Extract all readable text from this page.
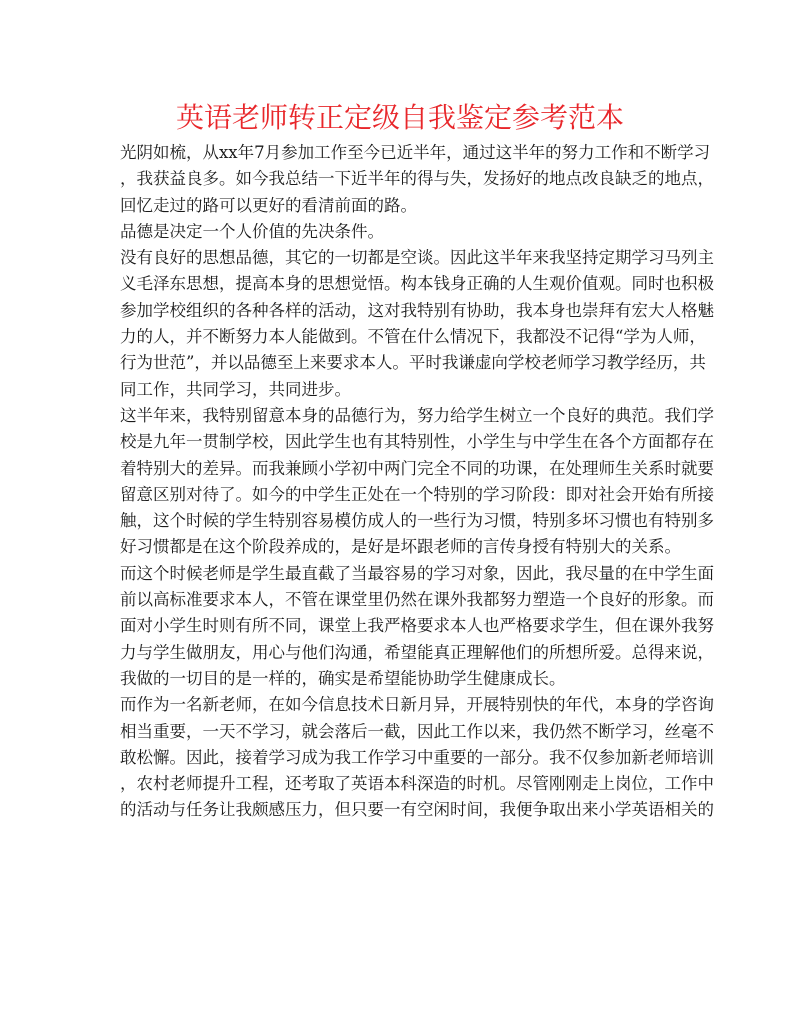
英语老师转正定级自我鉴定参考范本
光阴如梳，从xx年7月参加工作至今已近半年，通过这半年的努力工作和不断学习
，我获益良多。如今我总结一下近半年的得与失，发扬好的地点改良缺乏的地点，
回忆走过的路可以更好的看清前面的路。
品德是决定一个人价值的先决条件。
没有良好的思想品德，其它的一切都是空谈。因此这半年来我坚持定期学习马列主
义毛泽东思想，提高本身的思想觉悟。构本钱身正确的人生观价值观。同时也积极
参加学校组织的各种各样的活动，这对我特别有协助，我本身也崇拜有宏大人格魅
力的人，并不断努力本人能做到。不管在什么情况下，我都没不记得“学为人师，
行为世范”，并以品德至上来要求本人。平时我谦虚向学校老师学习教学经历，共
同工作，共同学习，共同进步。
这半年来，我特别留意本身的品德行为，努力给学生树立一个良好的典范。我们学
校是九年一贯制学校，因此学生也有其特别性，小学生与中学生在各个方面都存在
着特别大的差异。而我兼顾小学初中两门完全不同的功课，在处理师生关系时就要
留意区别对待了。如今的中学生正处在一个特别的学习阶段：即对社会开始有所接
触，这个时候的学生特别容易模仿成人的一些行为习惯，特别多坏习惯也有特别多
好习惯都是在这个阶段养成的，是好是坏跟老师的言传身授有特别大的关系。
而这个时候老师是学生最直截了当最容易的学习对象，因此，我尽量的在中学生面
前以高标准要求本人，不管在课堂里仍然在课外我都努力塑造一个良好的形象。而
面对小学生时则有所不同，课堂上我严格要求本人也严格要求学生，但在课外我努
力与学生做朋友，用心与他们沟通，希望能真正理解他们的所想所爱。总得来说，
我做的一切目的是一样的，确实是希望能协助学生健康成长。
而作为一名新老师，在如今信息技术日新月异，开展特别快的年代，本身的学咨询
相当重要，一天不学习，就会落后一截，因此工作以来，我仍然不断学习，丝毫不
敢松懈。因此，接着学习成为我工作学习中重要的一部分。我不仅参加新老师培训
，农村老师提升工程，还考取了英语本科深造的时机。尽管刚刚走上岗位，工作中
的活动与任务让我颇感压力，但只要一有空闲时间，我便争取出来小学英语相关的
